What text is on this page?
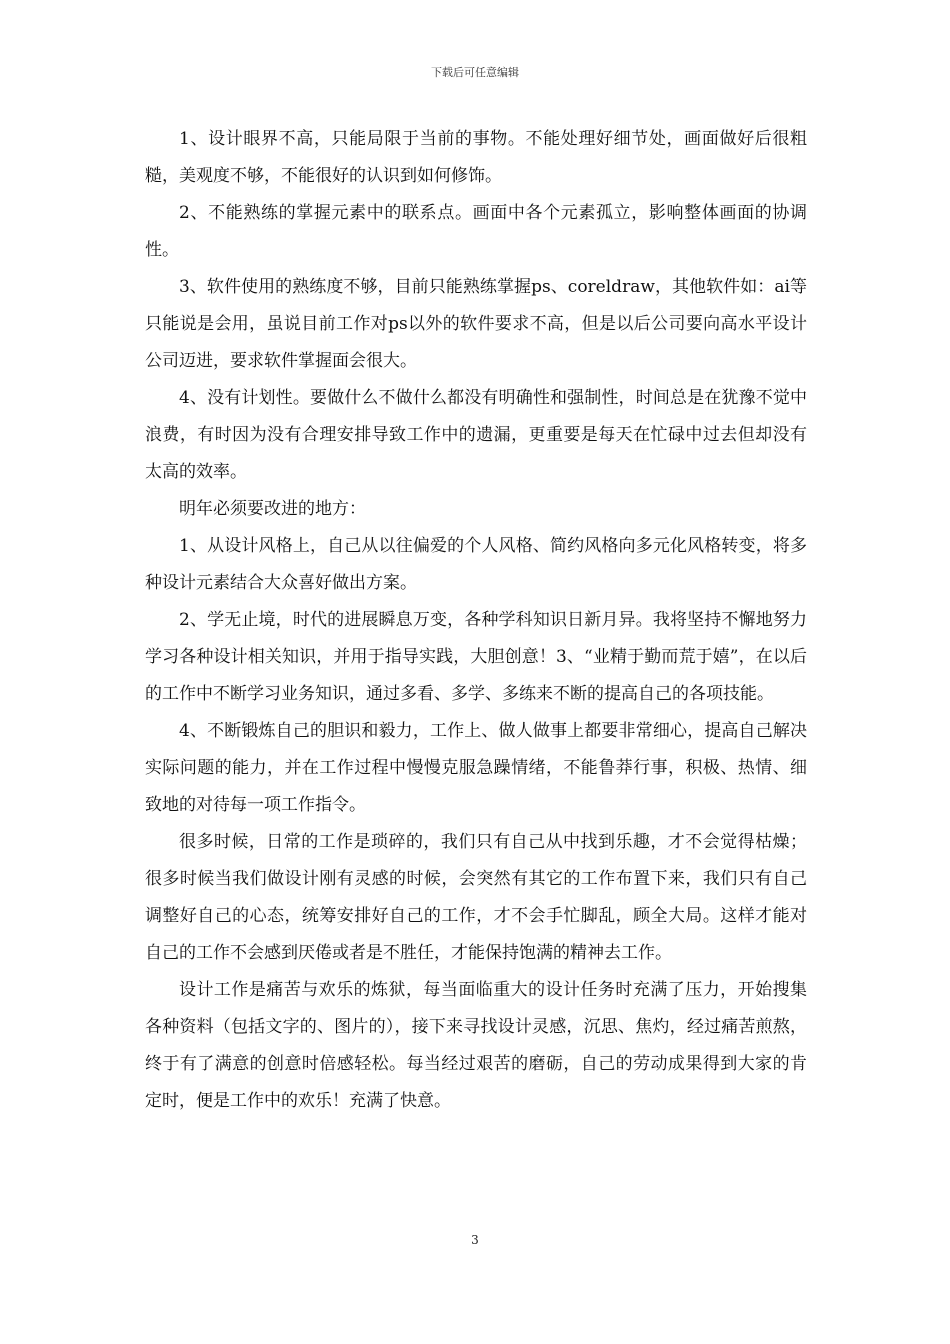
下载后可任意编辑

1、设计眼界不高，只能局限于当前的事物。不能处理好细节处，画面做好后很粗糙，美观度不够，不能很好的认识到如何修饰。

2、不能熟练的掌握元素中的联系点。画面中各个元素孤立，影响整体画面的协调性。

3、软件使用的熟练度不够，目前只能熟练掌握ps、coreldraw，其他软件如：ai等只能说是会用，虽说目前工作对ps以外的软件要求不高，但是以后公司要向高水平设计公司迈进，要求软件掌握面会很大。

4、没有计划性。要做什么不做什么都没有明确性和强制性，时间总是在犹豫不觉中浪费，有时因为没有合理安排导致工作中的遗漏，更重要是每天在忙碌中过去但却没有太高的效率。

明年必须要改进的地方：

1、从设计风格上，自己从以往偏爱的个人风格、简约风格向多元化风格转变，将多种设计元素结合大众喜好做出方案。

2、学无止境，时代的进展瞬息万变，各种学科知识日新月异。我将坚持不懈地努力学习各种设计相关知识，并用于指导实践，大胆创意！3、“业精于勤而荒于嬉”，在以后的工作中不断学习业务知识，通过多看、多学、多练来不断的提高自己的各项技能。

4、不断锻炼自己的胆识和毅力，工作上、做人做事上都要非常细心，提高自己解决实际问题的能力，并在工作过程中慢慢克服急躁情绪，不能鲁莽行事，积极、热情、细致地的对待每一项工作指令。

很多时候，日常的工作是琐碎的，我们只有自己从中找到乐趣，才不会觉得枯燥；很多时候当我们做设计刚有灵感的时候，会突然有其它的工作布置下来，我们只有自己调整好自己的心态，统筹安排好自己的工作，才不会手忙脚乱，顾全大局。这样才能对自己的工作不会感到厌倦或者是不胜任，才能保持饱满的精神去工作。

设计工作是痛苦与欢乐的炼狱，每当面临重大的设计任务时充满了压力，开始搜集各种资料（包括文字的、图片的），接下来寻找设计灵感，沉思、焦灼，经过痛苦煎熬，终于有了满意的创意时倍感轻松。每当经过艰苦的磨砺，自己的劳动成果得到大家的肯定时，便是工作中的欢乐！充满了快意。

3
